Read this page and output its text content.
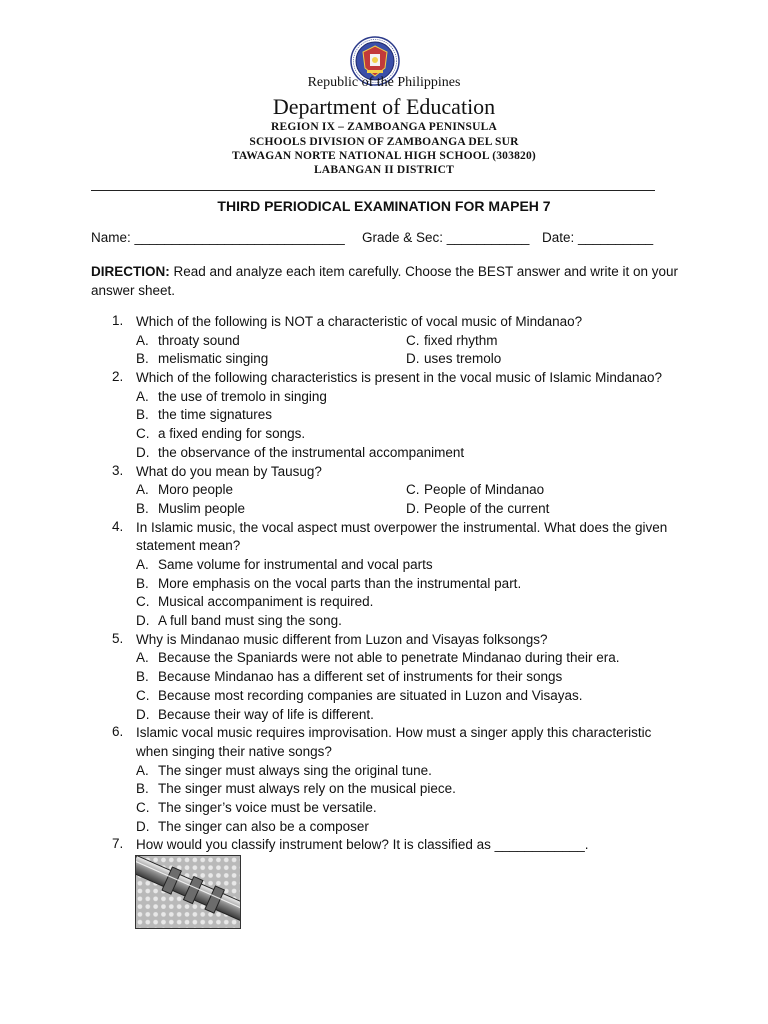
Republic of the Philippines
Department of Education
REGION IX – ZAMBOANGA PENINSULA
SCHOOLS DIVISION OF ZAMBOANGA DEL SUR
TAWAGAN NORTE NATIONAL HIGH SCHOOL (303820)
LABANGAN II DISTRICT
THIRD PERIODICAL EXAMINATION FOR MAPEH 7
Name: ____________________________ Grade & Sec: ___________ Date: __________
DIRECTION: Read and analyze each item carefully. Choose the BEST answer and write it on your answer sheet.
1. Which of the following is NOT a characteristic of vocal music of Mindanao?
A. throaty sound	C. fixed rhythm
B. melismatic singing	D. uses tremolo
2. Which of the following characteristics is present in the vocal music of Islamic Mindanao?
A. the use of tremolo in singing
B. the time signatures
C. a fixed ending for songs.
D. the observance of the instrumental accompaniment
3. What do you mean by Tausug?
A. Moro people	C. People of Mindanao
B. Muslim people	D. People of the current
4. In Islamic music, the vocal aspect must overpower the instrumental. What does the given statement mean?
A. Same volume for instrumental and vocal parts
B. More emphasis on the vocal parts than the instrumental part.
C. Musical accompaniment is required.
D. A full band must sing the song.
5. Why is Mindanao music different from Luzon and Visayas folksongs?
A. Because the Spaniards were not able to penetrate Mindanao during their era.
B. Because Mindanao has a different set of instruments for their songs
C. Because most recording companies are situated in Luzon and Visayas.
D. Because their way of life is different.
6. Islamic vocal music requires improvisation. How must a singer apply this characteristic when singing their native songs?
A. The singer must always sing the original tune.
B. The singer must always rely on the musical piece.
C. The singer’s voice must be versatile.
D. The singer can also be a composer
7. How would you classify instrument below? It is classified as ____________.
